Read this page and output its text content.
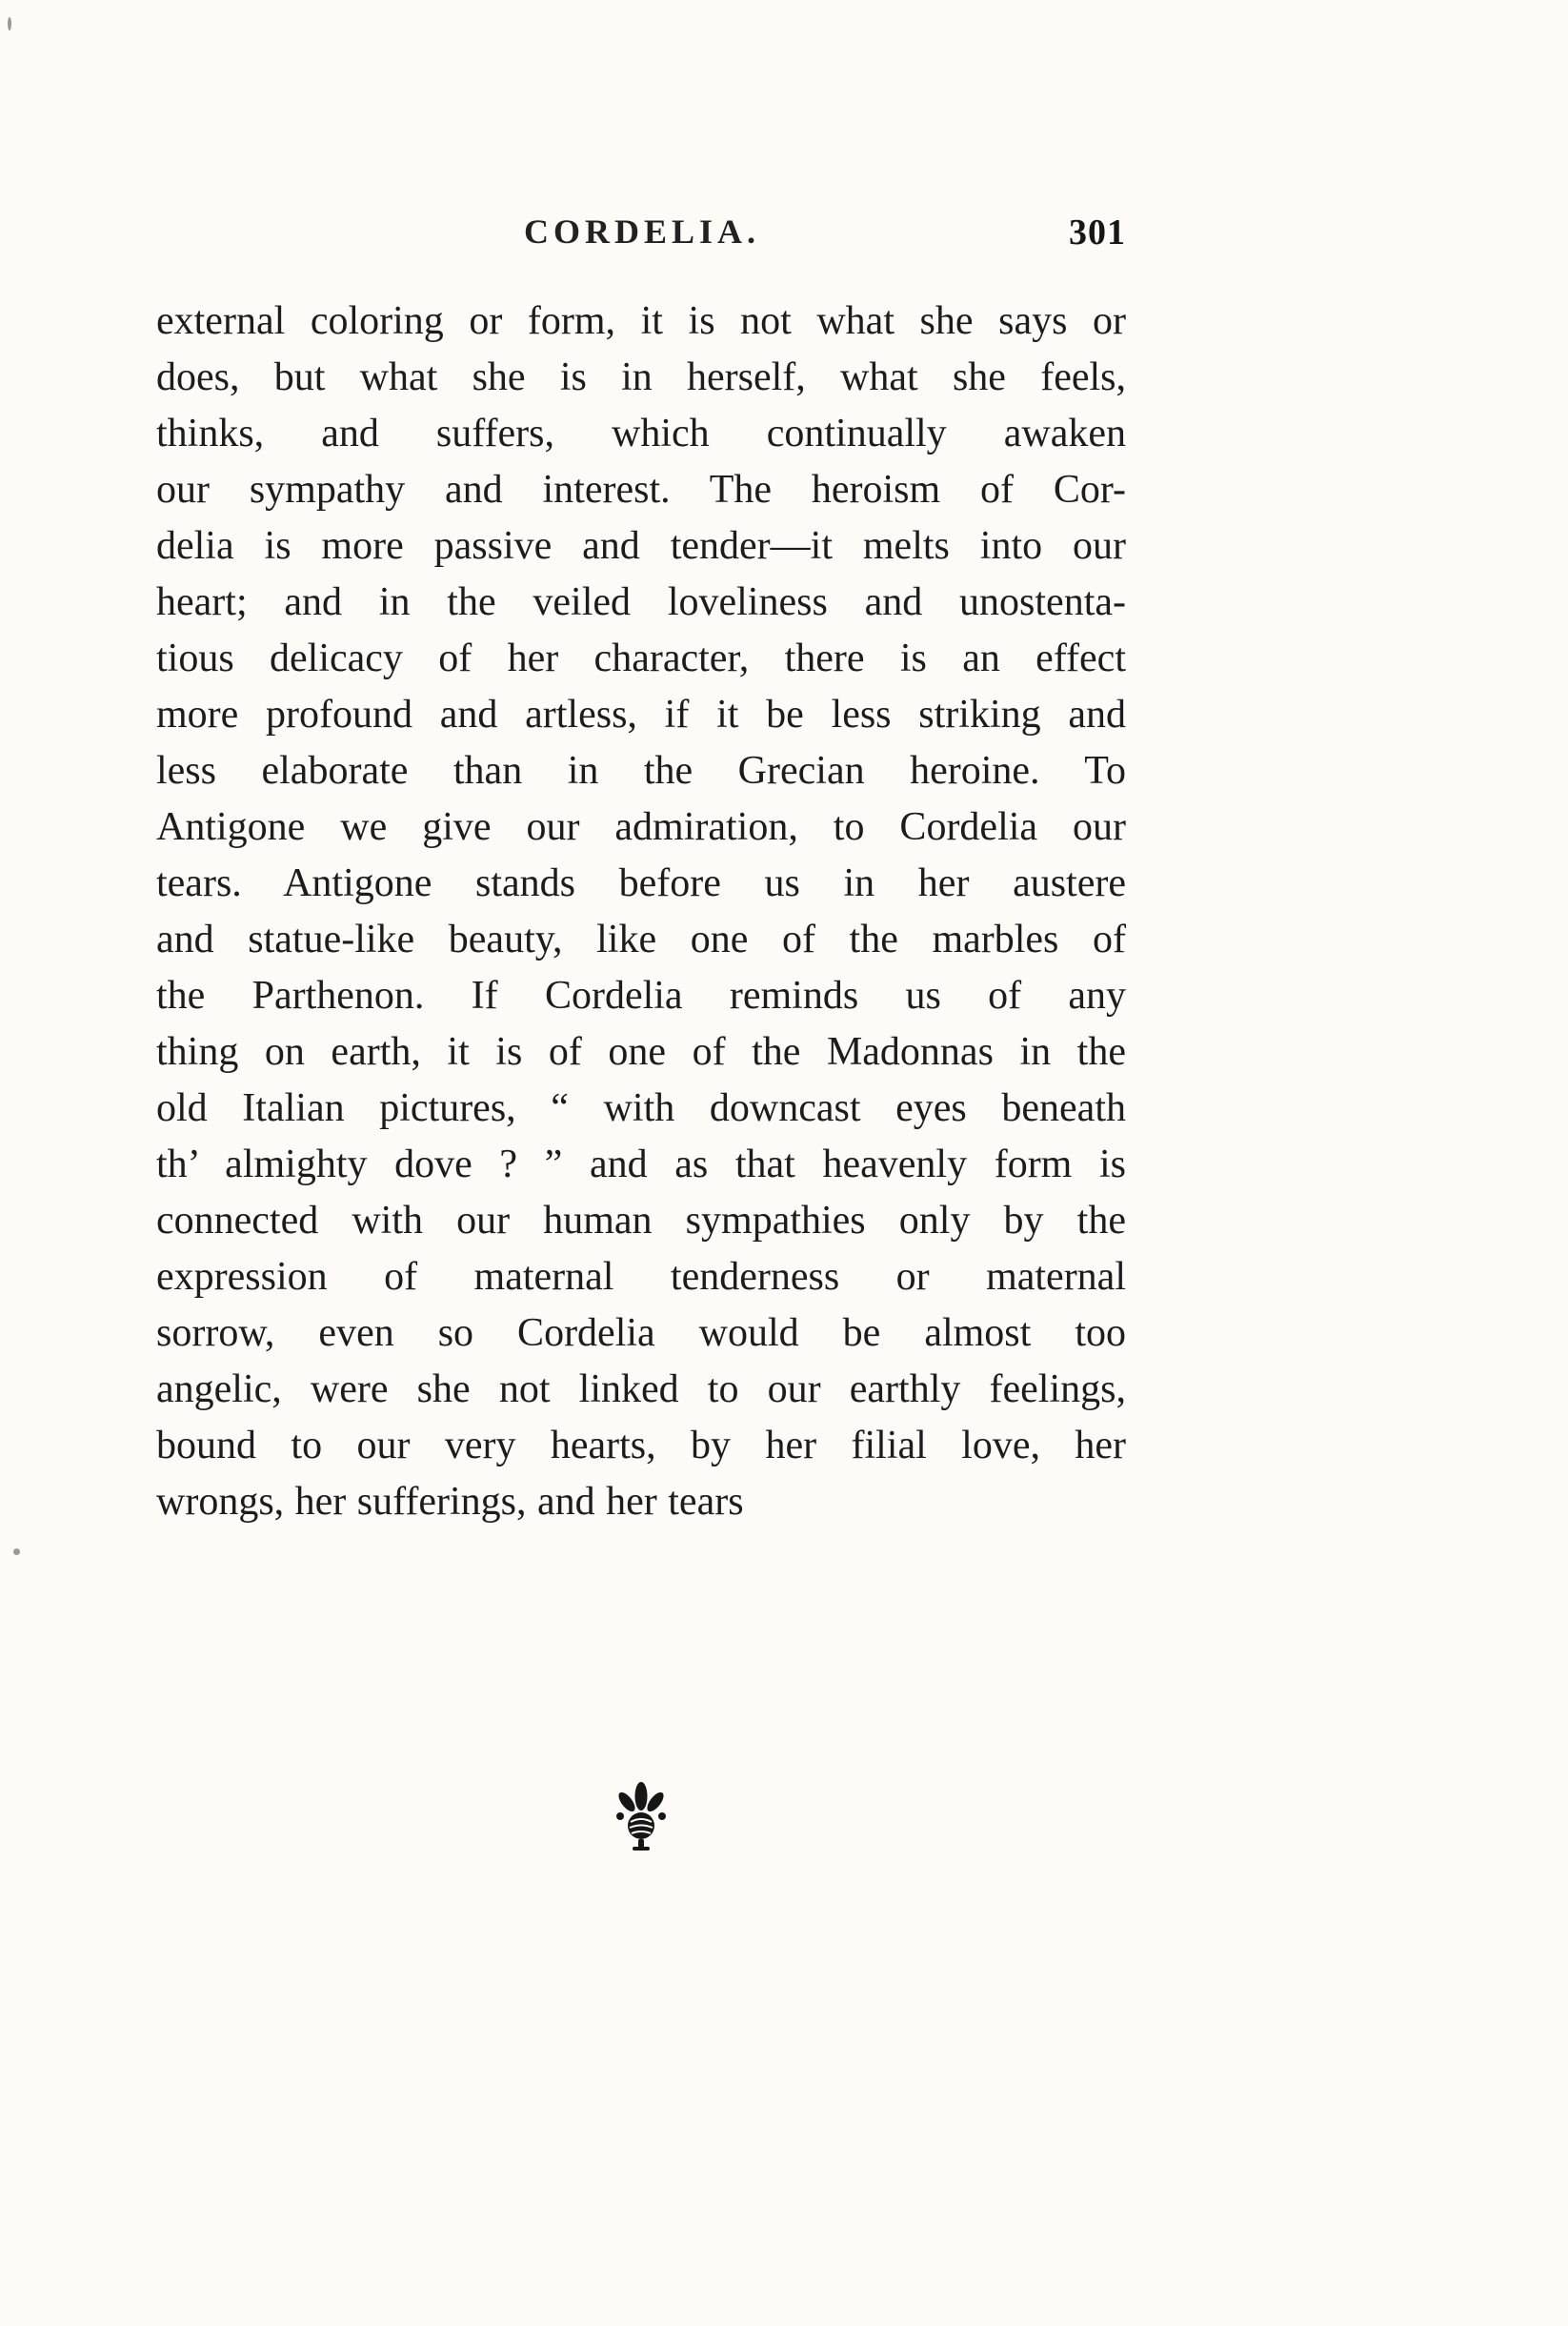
CORDELIA.	301
external coloring or form, it is not what she says or
does, but what she is in herself, what she feels,
thinks, and suffers, which continually awaken
our sympathy and interest. The heroism of Cor-
delia is more passive and tender—it melts into our
heart; and in the veiled loveliness and unostenta-
tious delicacy of her character, there is an effect
more profound and artless, if it be less striking and
less elaborate than in the Grecian heroine. To
Antigone we give our admiration, to Cordelia our
tears. Antigone stands before us in her austere
and statue-like beauty, like one of the marbles of
the Parthenon. If Cordelia reminds us of any
thing on earth, it is of one of the Madonnas in the
old Italian pictures, “ with downcast eyes beneath
th’ almighty dove ? ” and as that heavenly form is
connected with our human sympathies only by the
expression of maternal tenderness or maternal
sorrow, even so Cordelia would be almost too
angelic, were she not linked to our earthly feelings,
bound to our very hearts, by her filial love, her
wrongs, her sufferings, and her tears
